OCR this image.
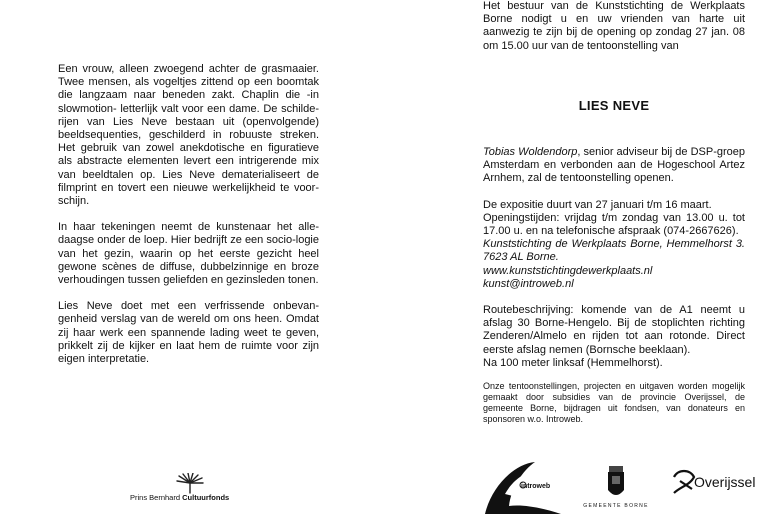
Een vrouw, alleen zwoegend achter de grasmaaier. Twee mensen, als vogeltjes zittend op een boomtak die langzaam naar beneden zakt. Chaplin die -in slowmotion- letterlijk valt voor een dame. De schilde-rijen van Lies Neve bestaan uit (openvolgende) beeldsequenties, geschilderd in robuuste streken. Het gebruik van zowel anekdotische en figuratieve als abstracte elementen levert een intrigerende mix van beeldtalen op. Lies Neve dematerialiseert de filmprint en tovert een nieuwe werkelijkheid te voor-schijn.

In haar tekeningen neemt de kunstenaar het alle-daagse onder de loep. Hier bedrijft ze een socio-logie van het gezin, waarin op het eerste gezicht heel gewone scènes de diffuse, dubbelzinnige en broze verhoudingen tussen geliefden en gezinsleden tonen.

Lies Neve doet met een verfrissende onbevan-genheid verslag van de wereld om ons heen. Omdat zij haar werk een spannende lading weet te geven, prikkelt zij de kijker en laat hem de ruimte voor zijn eigen interpretatie.

Het bestuur van de Kunststichting de Werkplaats Borne nodigt u en uw vrienden van harte uit aanwezig te zijn bij de opening op zondag 27 jan. 08 om 15.00 uur van de tentoonstelling van

LIES NEVE

Tobias Woldendorp, senior adviseur bij de DSP-groep Amsterdam en verbonden aan de Hogeschool Artez Arnhem, zal de tentoonstelling openen.

De expositie duurt van 27 januari t/m 16 maart.

Openingstijden: vrijdag t/m zondag van 13.00 u. tot 17.00 u. en na telefonische afspraak (074-2667626).

Kunststichting de Werkplaats Borne, Hemmelhorst 3. 7623 AL Borne.

www.kunststichtingdewerkplaats.nl

kunst@introweb.nl

Routebeschrijving: komende van de A1 neemt u afslag 30 Borne-Hengelo. Bij de stoplichten richting Zenderen/Almelo en rijden tot aan rotonde. Direct eerste afslag nemen (Bornsche beeklaan).

Na 100 meter linksaf (Hemmelhorst).

Onze tentoonstellingen, projecten en uitgaven worden mogelijk gemaakt door subsidies van de provincie Overijssel, de gemeente Borne, bijdragen uit fondsen, van donateurs en sponsoren w.o. Introweb.

Prins Bernhard Cultuurfonds
introweb
GEMEENTE BORNE
Overijssel
